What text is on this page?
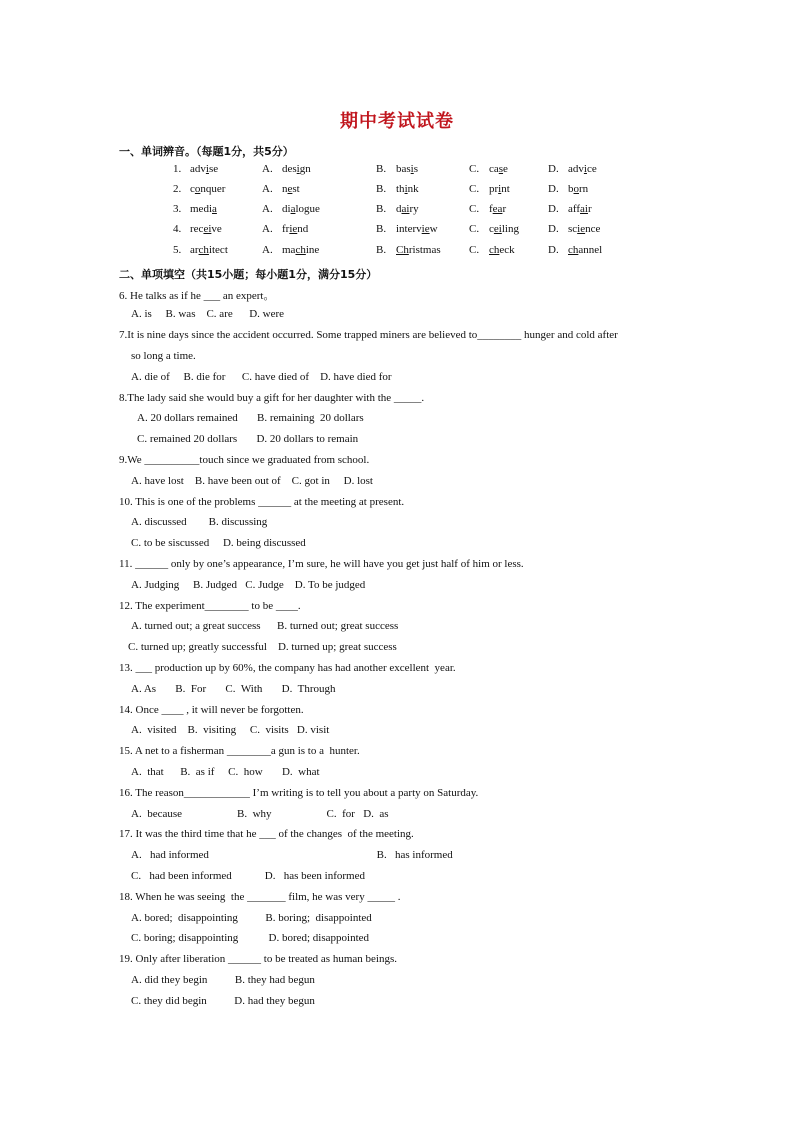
期中考试试卷
一、单词辨音。（每题1分，共5分）
1. advise	A. design	B. basis	C. case	D. advice
2. conquer	A. nest	B. think	C. print	D. born
3. media	A. dialogue	B. dairy	C. fear	D. affair
4. receive	A. friend	B. interview	C. ceiling	D. science
5. architect	A. machine	B. Christmas	C. check	D. channel
二、单项填空（共15小题；每小题1分，满分15分）
6. He talks as if he ___ an expert。
A. is     B. was    C. are      D. were
7.It is nine days since the accident occurred. Some trapped miners are believed to________ hunger and cold after
so long a time.
A. die of     B. die for      C. have died of    D. have died for
8.The lady said she would buy a gift for her daughter with the _____.
A. 20 dollars remained       B. remaining  20 dollars
C. remained 20 dollars       D. 20 dollars to remain
9.We __________touch since we graduated from school.
A. have lost    B. have been out of    C. got in     D. lost
10. This is one of the problems ______ at the meeting at present.
A. discussed        B. discussing
C. to be siscussed     D. being discussed
11. ______ only by one’s appearance, I’m sure, he will have you get just half of him or less.
A. Judging     B. Judged   C. Judge    D. To be judged
12. The experiment________ to be ____.
A. turned out; a great success      B. turned out; great success
C. turned up; greatly successful    D. turned up; great success
13. ___ production up by 60%, the company has had another excellent  year.
A. As       B.  For       C.  With       D.  Through
14. Once ____ , it will never be forgotten.
A.  visited    B.  visiting     C.  visits   D. visit
15. A net to a fisherman ________a gun is to a  hunter.
A.  that      B.  as if     C.  how       D.  what
16. The reason____________ I’m writing is to tell you about a party on Saturday.
A.  because                    B.  why                    C.  for   D.  as
17. It was the third time that he ___ of the changes  of the meeting.
A.   had informed                                                             B.   has informed
C.   had been informed            D.   has been informed
18. When he was seeing  the _______ film, he was very _____ .
A. bored;  disappointing          B. boring;  disappointed
C. boring; disappointing           D. bored; disappointed
19. Only after liberation ______ to be treated as human beings.
A. did they begin          B. they had begun
C. they did begin          D. had they begun
